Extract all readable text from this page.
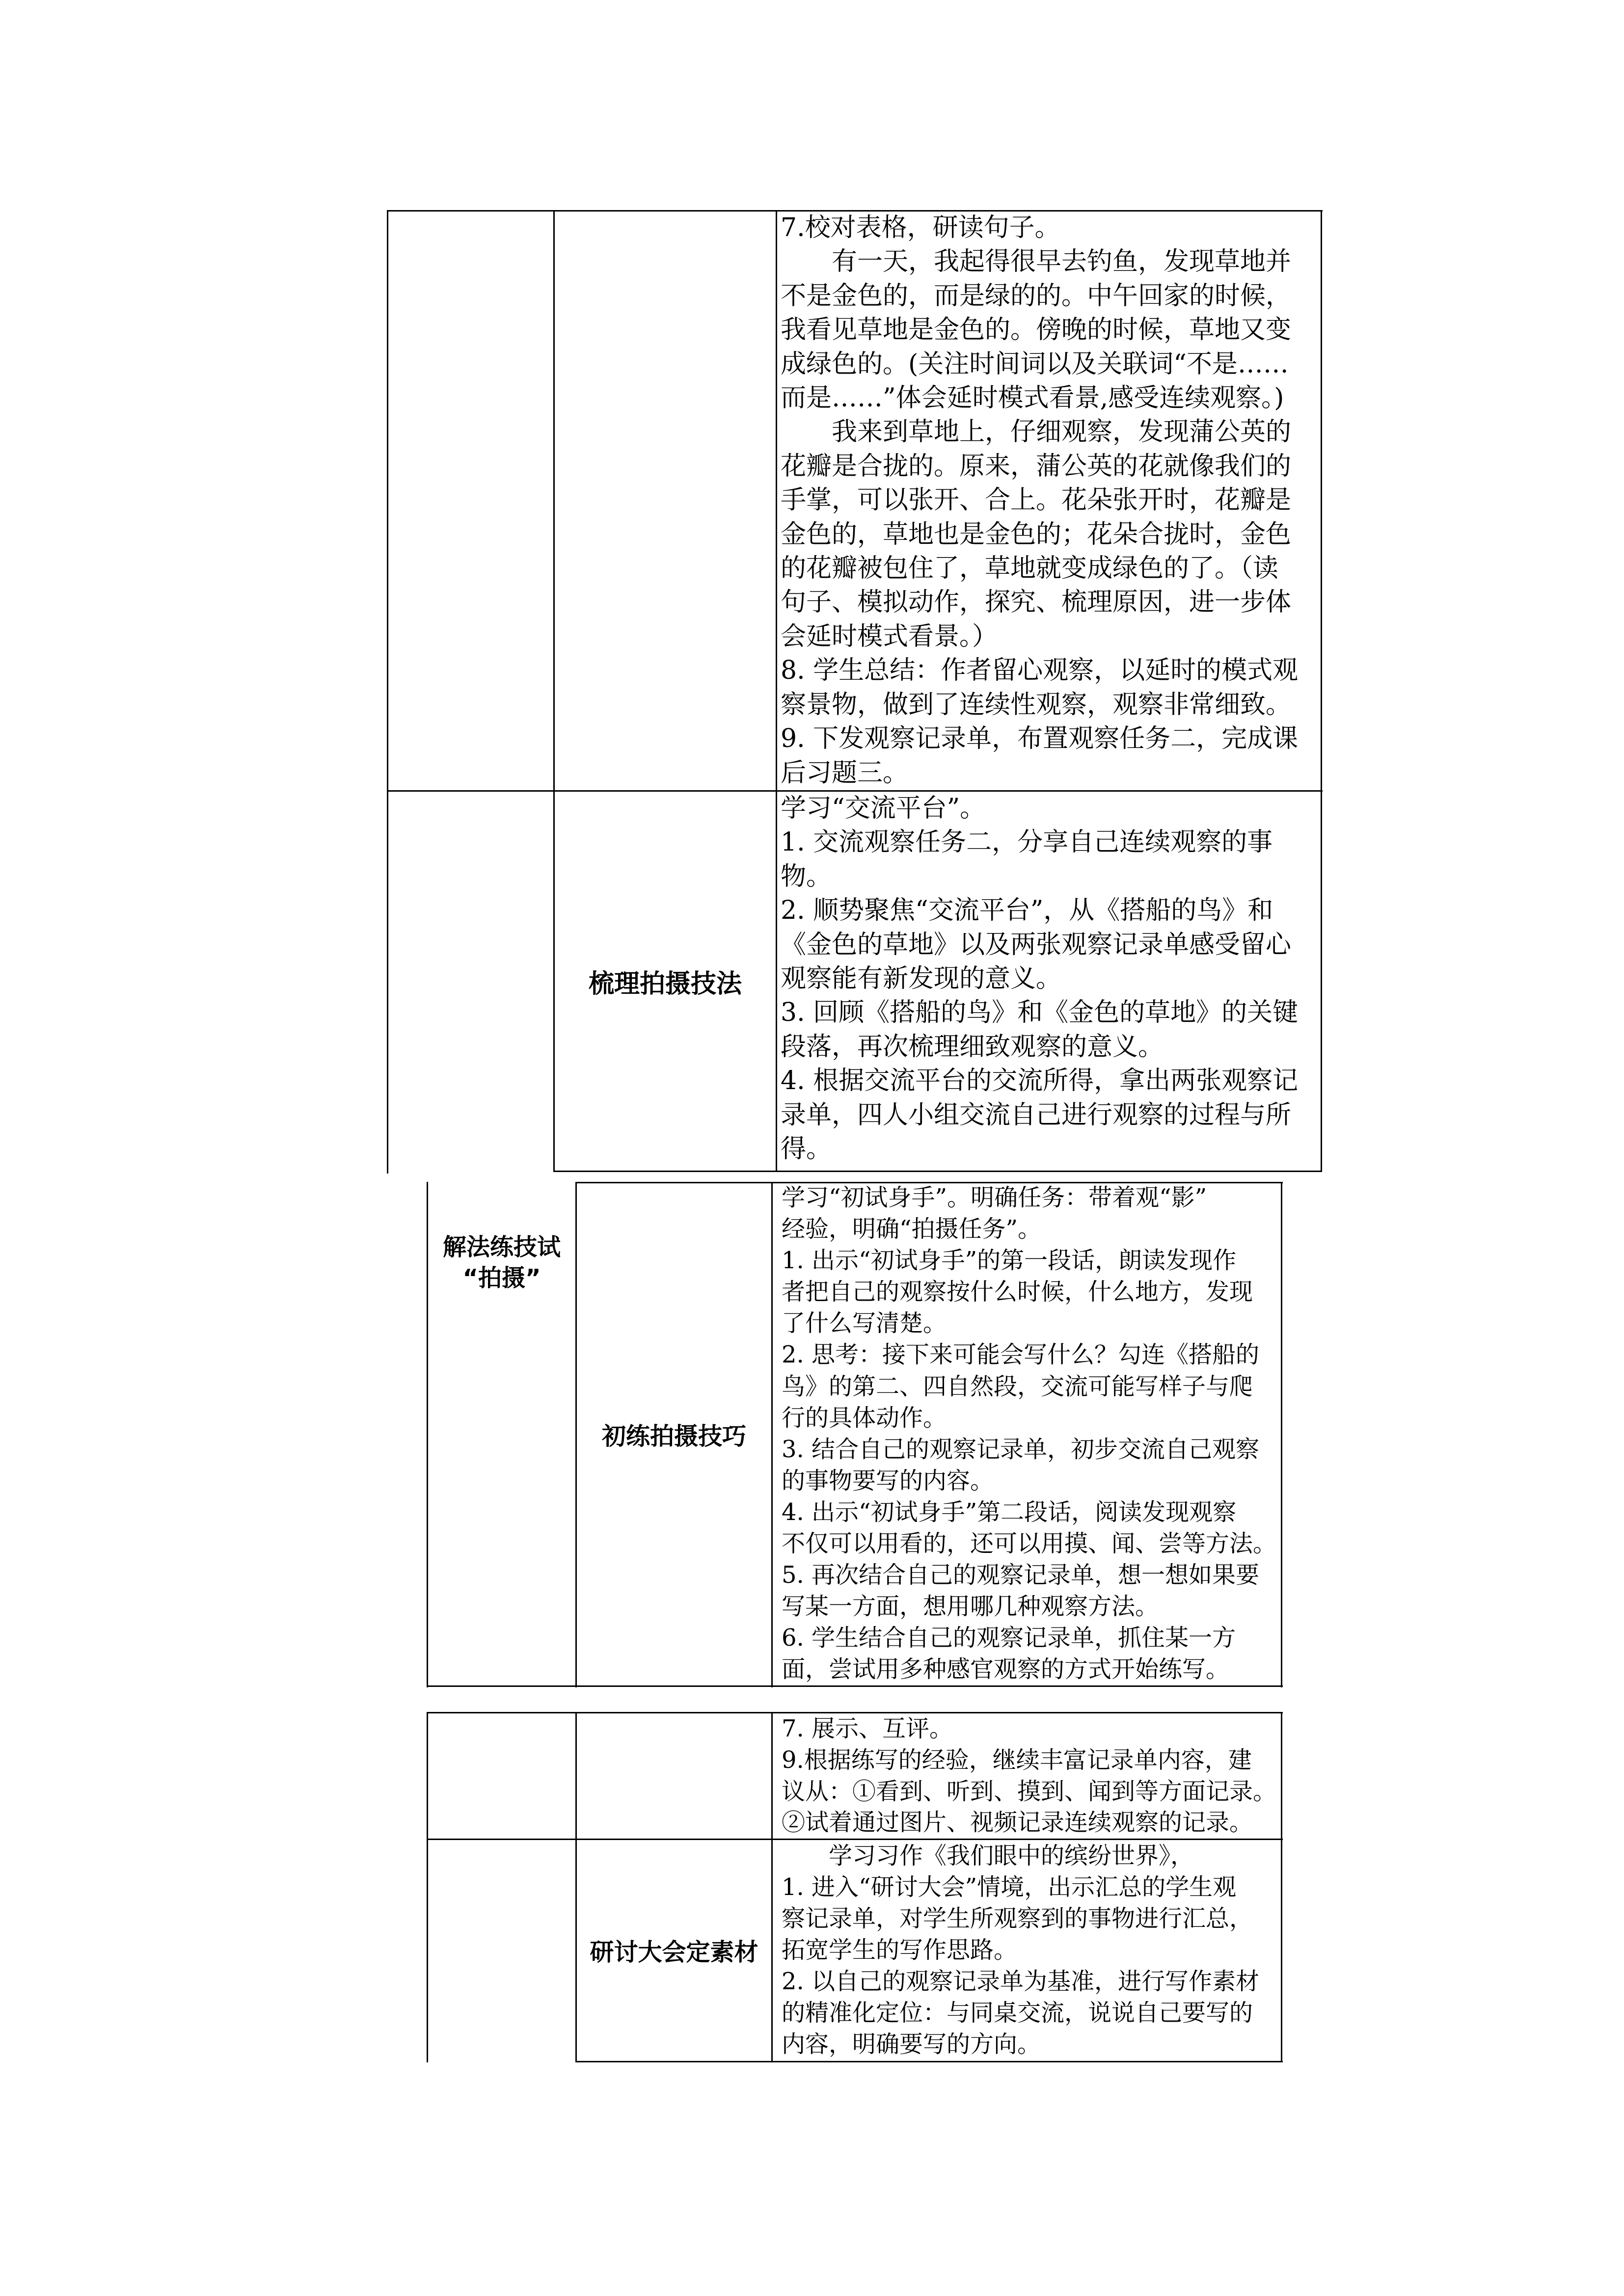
7.校对表格，研读句子。
有一天，我起得很早去钓鱼，发现草地并
不是金色的，而是绿的的。中午回家的时候，
我看见草地是金色的。傍晚的时候，草地又变
成绿色的。(关注时间词以及关联词“不是……
而是……”体会延时模式看景,感受连续观察。)
我来到草地上，仔细观察，发现蒲公英的
花瓣是合拢的。原来，蒲公英的花就像我们的
手掌，可以张开、合上。花朵张开时，花瓣是
金色的，草地也是金色的；花朵合拢时，金色
的花瓣被包住了，草地就变成绿色的了。（读
句子、模拟动作，探究、梳理原因，进一步体
会延时模式看景。）
8. 学生总结：作者留心观察，以延时的模式观
察景物，做到了连续性观察，观察非常细致。
9. 下发观察记录单，布置观察任务二，完成课
后习题三。
梳理拍摄技法
学习“交流平台”。
1. 交流观察任务二，分享自己连续观察的事
物。
2. 顺势聚焦“交流平台”，从《搭船的鸟》和
《金色的草地》以及两张观察记录单感受留心
观察能有新发现的意义。
3. 回顾《搭船的鸟》和《金色的草地》的关键
段落，再次梳理细致观察的意义。
4. 根据交流平台的交流所得，拿出两张观察记
录单，四人小组交流自己进行观察的过程与所
得。
解法练技试
“拍摄”
初练拍摄技巧
学习“初试身手”。明确任务：带着观“影”
经验，明确“拍摄任务”。
1. 出示“初试身手”的第一段话，朗读发现作
者把自己的观察按什么时候，什么地方，发现
了什么写清楚。
2. 思考：接下来可能会写什么？勾连《搭船的
鸟》的第二、四自然段，交流可能写样子与爬
行的具体动作。
3. 结合自己的观察记录单，初步交流自己观察
的事物要写的内容。
4. 出示“初试身手”第二段话，阅读发现观察
不仅可以用看的，还可以用摸、闻、尝等方法。
5. 再次结合自己的观察记录单，想一想如果要
写某一方面，想用哪几种观察方法。
6. 学生结合自己的观察记录单，抓住某一方
面，尝试用多种感官观察的方式开始练写。
7. 展示、互评。
9.根据练写的经验，继续丰富记录单内容，建
议从：①看到、听到、摸到、闻到等方面记录。
②试着通过图片、视频记录连续观察的记录。
研讨大会定素材
学习习作《我们眼中的缤纷世界》，
1. 进入“研讨大会”情境，出示汇总的学生观
察记录单，对学生所观察到的事物进行汇总，
拓宽学生的写作思路。
2. 以自己的观察记录单为基准，进行写作素材
的精准化定位：与同桌交流，说说自己要写的
内容，明确要写的方向。
